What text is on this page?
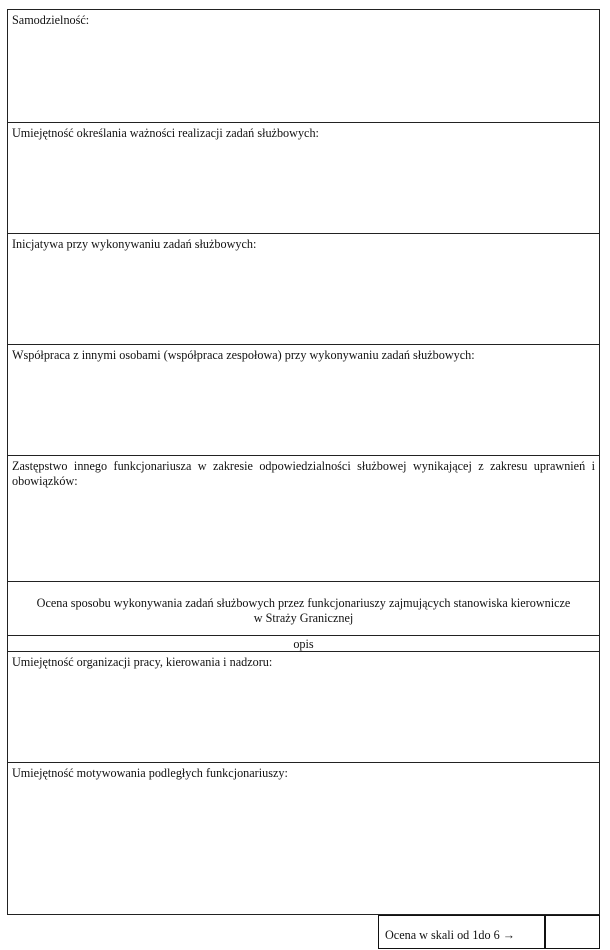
Samodzielność:
Umiejętność określania ważności realizacji zadań służbowych:
Inicjatywa przy wykonywaniu zadań służbowych:
Współpraca z innymi osobami (współpraca zespołowa) przy wykonywaniu zadań służbowych:
Zastępstwo innego funkcjonariusza w zakresie odpowiedzialności służbowej wynikającej z zakresu uprawnień i obowiązków:
Ocena sposobu wykonywania zadań służbowych przez funkcjonariuszy zajmujących stanowiska kierownicze
w Straży Granicznej
opis
Umiejętność organizacji pracy, kierowania i nadzoru:
Umiejętność motywowania podległych funkcjonariuszy:
Ocena w skali od 1do 6 →
